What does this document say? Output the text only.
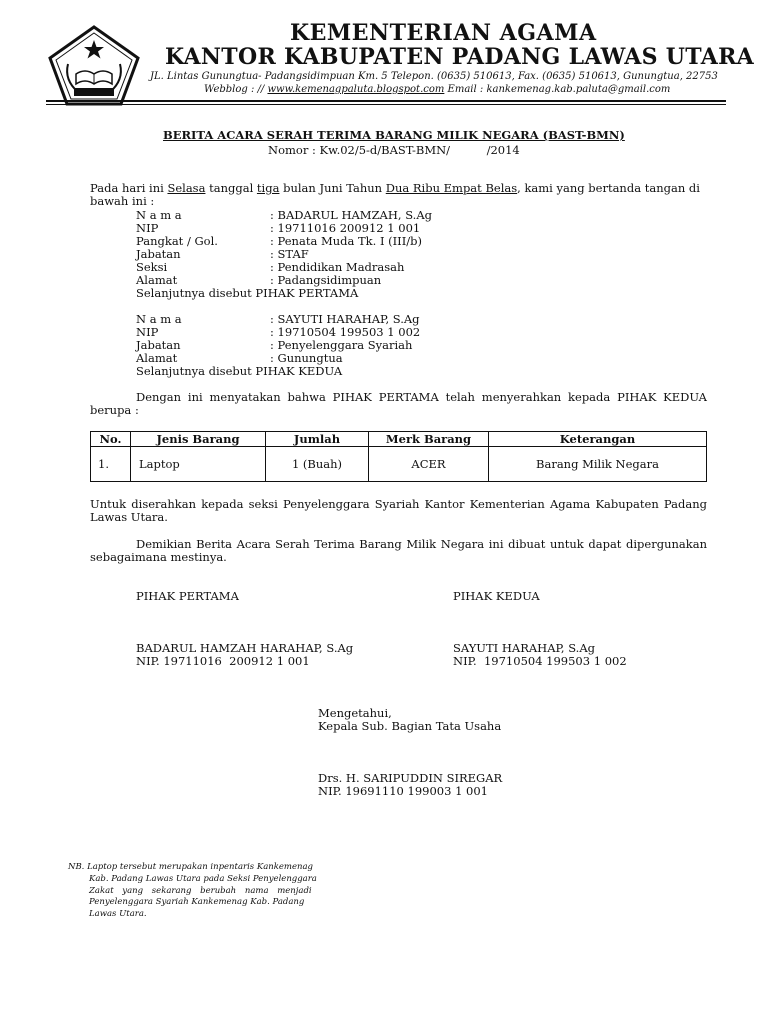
IKHLAS BERAMAL
KEMENTERIAN AGAMA
KANTOR KABUPATEN PADANG LAWAS UTARA
JL. Lintas Gunungtua- Padangsidimpuan Km. 5 Telepon. (0635) 510613, Fax. (0635) 510613, Gunungtua, 22753
Webblog : // www.kemenagpaluta.blogspot.com Email : kankemenag.kab.paluta@gmail.com
BERITA ACARA SERAH TERIMA BARANG MILIK NEGARA (BAST-BMN)
Nomor : Kw.02/5-d/BAST-BMN/          /2014
Pada hari ini Selasa tanggal tiga bulan Juni Tahun Dua Ribu Empat Belas, kami yang bertanda tangan di
bawah ini :
N a m a	: BADARUL HAMZAH, S.Ag
NIP	: 19711016 200912 1 001
Pangkat / Gol.	: Penata Muda Tk. I (III/b)
Jabatan	: STAF
Seksi	: Pendidikan Madrasah
Alamat	: Padangsidimpuan
Selanjutnya disebut PIHAK PERTAMA
N a m a	: SAYUTI HARAHAP, S.Ag
NIP	: 19710504 199503 1 002
Jabatan	: Penyelenggara Syariah
Alamat	: Gunungtua
Selanjutnya disebut PIHAK KEDUA
Dengan ini menyatakan bahwa PIHAK PERTAMA telah menyerahkan kepada PIHAK KEDUA berupa :
No.	Jenis Barang	Jumlah	Merk Barang	Keterangan
1.	Laptop	1 (Buah)	ACER	Barang Milik Negara
Untuk diserahkan kepada seksi Penyelenggara Syariah Kantor Kementerian Agama Kabupaten Padang Lawas Utara.
Demikian Berita Acara Serah Terima Barang Milik Negara ini dibuat untuk dapat dipergunakan sebagaimana mestinya.
PIHAK PERTAMA	PIHAK KEDUA
BADARUL HAMZAH HARAHAP, S.Ag
NIP. 19711016  200912 1 001
SAYUTI HARAHAP, S.Ag
NIP.  19710504 199503 1 002
Mengetahui,
Kepala Sub. Bagian Tata Usaha
Drs. H. SARIPUDDIN SIREGAR
NIP. 19691110 199003 1 001
NB. Laptop tersebut merupakan inpentaris Kankemenag
Kab. Padang Lawas Utara pada Seksi Penyelenggara
Zakat yang sekarang berubah nama menjadi
Penyelenggara Syariah Kankemenag Kab. Padang
Lawas Utara.
